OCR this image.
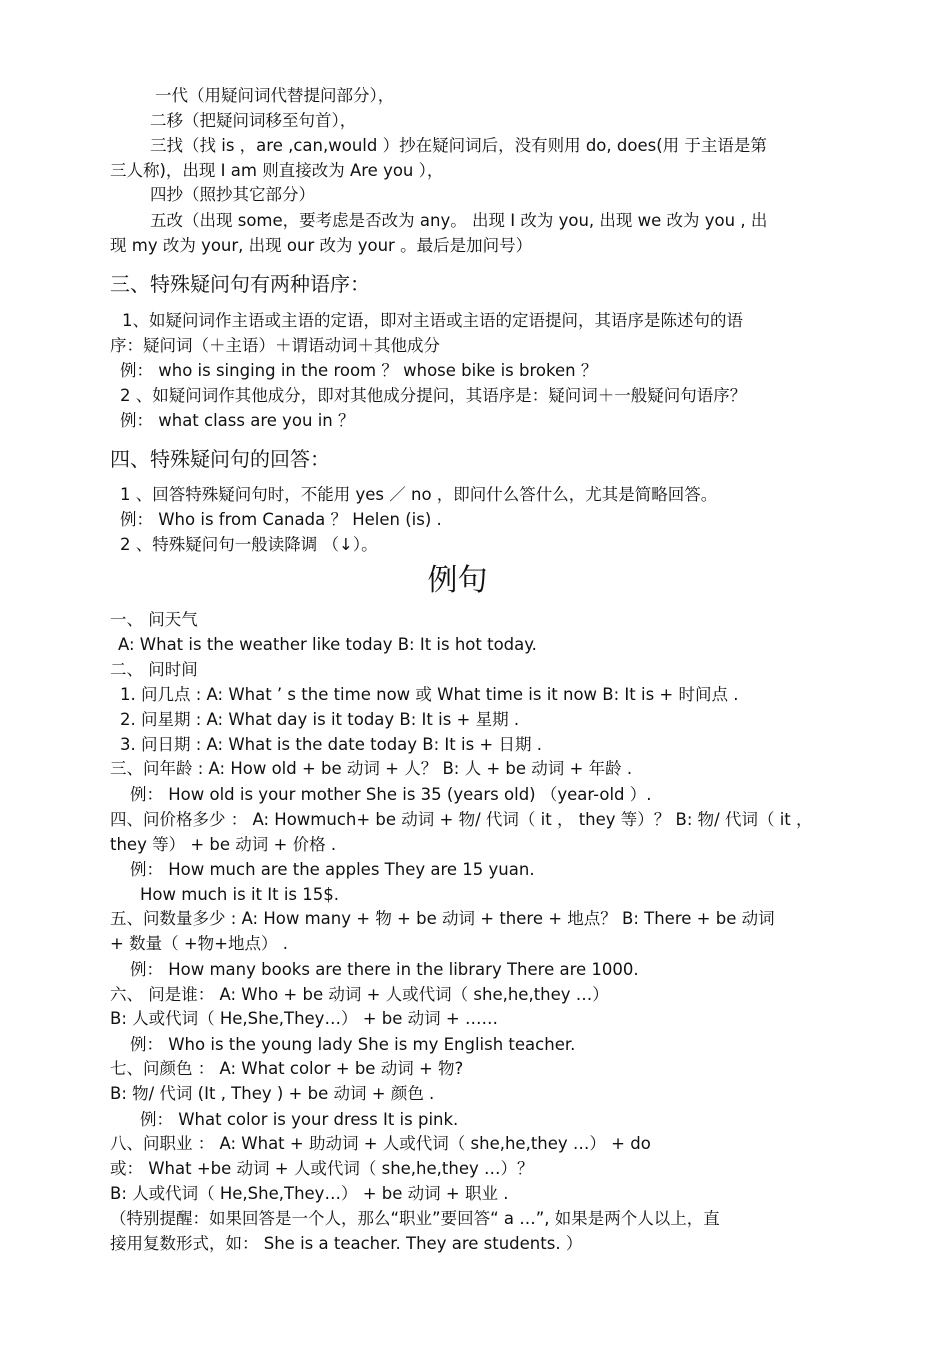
一代（用疑问词代替提问部分），
二移（把疑问词移至句首），
三找（找 is ，are ,can,would ）抄在疑问词后，没有则用 do, does(用 于主语是第
三人称)，出现 I am 则直接改为 Are you ），
四抄（照抄其它部分）
五改（出现 some，要考虑是否改为 any。 出现 I 改为 you, 出现 we 改为 you , 出
现 my 改为 your, 出现 our 改为 your 。最后是加问号）
三、特殊疑问句有两种语序：
1、如疑问词作主语或主语的定语，即对主语或主语的定语提问，其语序是陈述句的语
序：疑问词（＋主语）＋谓语动词＋其他成分
例： who is singing in the room ？ whose bike is broken ？
2 、如疑问词作其他成分，即对其他成分提问，其语序是：疑问词＋一般疑问句语序？
例： what class are you in ？
四、特殊疑问句的回答：
1 、回答特殊疑问句时，不能用 yes ／ no ，即问什么答什么，尤其是简略回答。
例： Who is from Canada ？ Helen (is) .
2 、特殊疑问句一般读降调 （↓）。
例句
一、 问天气
A: What is the weather like today B: It is hot today.
二、 问时间
1. 问几点 : A: What ’ s the time now 或 What time is it now B: It is + 时间点 .
2. 问星期 : A: What day is it today B: It is + 星期 .
3. 问日期 : A: What is the date today B: It is + 日期 .
三、问年龄 : A: How old + be 动词 + 人？ B: 人 + be 动词 + 年龄 .
例： How old is your mother She is 35 (years old) （year-old ）.
四、问价格多少 ： A: Howmuch+ be 动词 + 物/ 代词（ it ， they 等）？ B: 物/ 代词（ it ，
they 等） + be 动词 + 价格 .
例： How much are the apples They are 15 yuan.
How much is it It is 15$.
五、问数量多少 : A: How many + 物 + be 动词 + there + 地点？ B: There + be 动词
+ 数量（ +物+地点） .
例： How many books are there in the library There are 1000.
六、 问是谁： A: Who + be 动词 + 人或代词（ she,he,they …）
B: 人或代词（ He,She,They…） + be 动词 + ……
例： Who is the young lady She is my English teacher.
七、问颜色 ： A: What color + be 动词 + 物?
B: 物/ 代词 (It , They ) + be 动词 + 颜色 .
例： What color is your dress It is pink.
八、问职业 ： A: What + 助动词 + 人或代词（ she,he,they …） + do
或： What +be 动词 + 人或代词（ she,he,they …）？
B: 人或代词（ He,She,They…） + be 动词 + 职业 .
（特别提醒：如果回答是一个人，那么“职业”要回答“ a …”, 如果是两个人以上，直
接用复数形式，如： She is a teacher. They are students. ）
